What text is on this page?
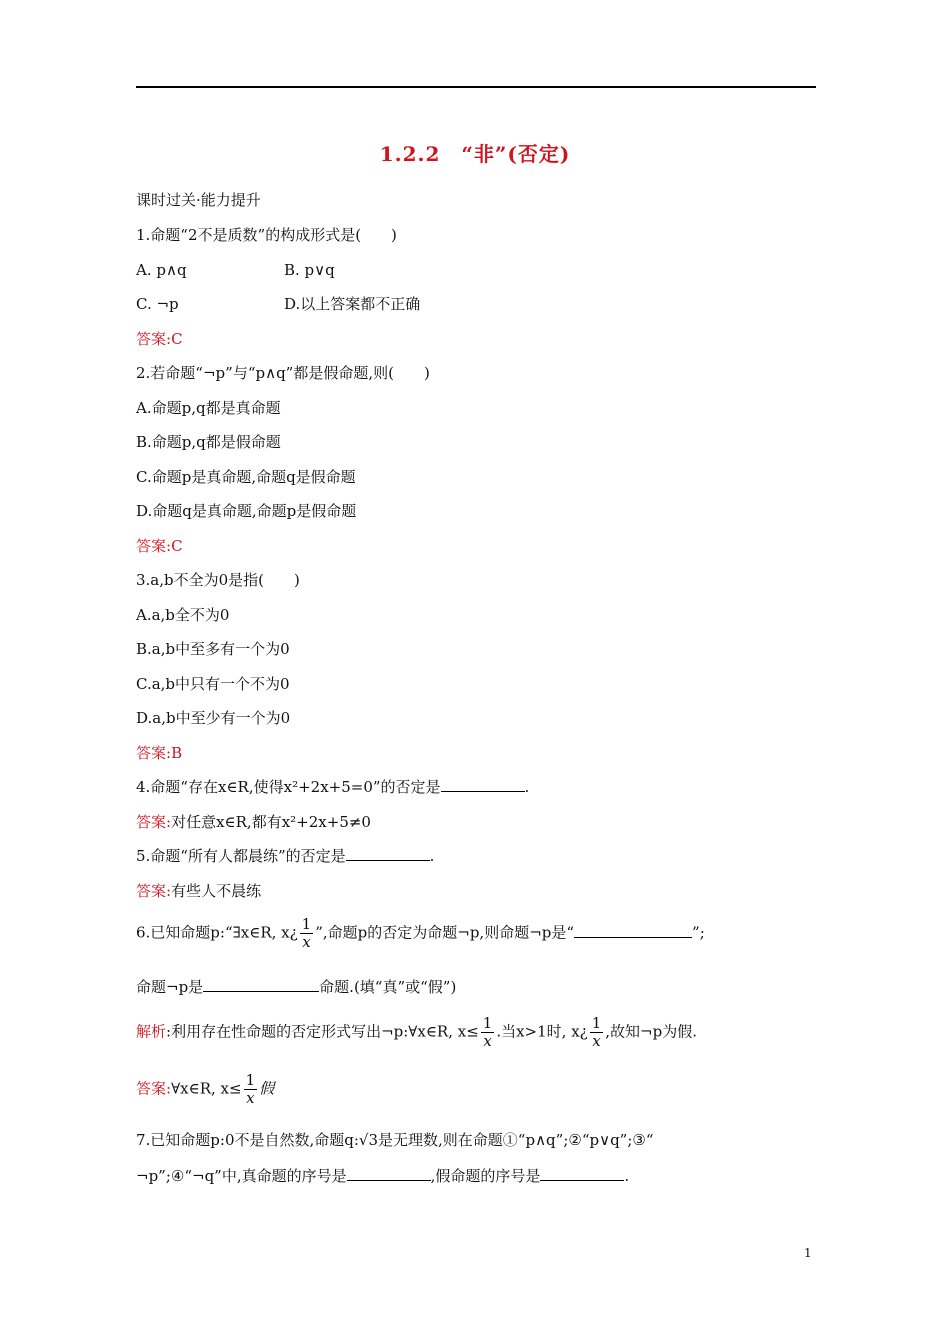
1.2.2　“非”(否定)
课时过关·能力提升
1.命题“2不是质数”的构成形式是(　　)
A. p∧q	B. p∨q
C. ¬p	D.以上答案都不正确
答案:C
2.若命题“¬p”与“p∧q”都是假命题,则(　　)
A.命题p,q都是真命题
B.命题p,q都是假命题
C.命题p是真命题,命题q是假命题
D.命题q是真命题,命题p是假命题
答案:C
3.a,b不全为0是指(　　)
A.a,b全不为0
B.a,b中至多有一个为0
C.a,b中只有一个不为0
D.a,b中至少有一个为0
答案:B
4.命题“存在x∈R,使得x²+2x+5=0”的否定是	.
答案:对任意x∈R,都有x²+2x+5≠0
5.命题“所有人都晨练”的否定是	.
答案:有些人不晨练
6.已知命题p:“∃x∈R, x¿ $\frac{1}{x}$ ”,命题p的否定为命题¬p,则命题¬p是“	”;
命题¬p是	命题.(填“真”或“假”)
解析:利用存在性命题的否定形式写出¬p:∀x∈R, $x\le \frac{1}{x}$ .当x>1时, x¿ $\frac{1}{x}$ ,故知¬p为假.
答案:∀x∈R, $x\le \frac{1}{x}$ 假
7.已知命题p:0不是自然数,命题q:√3是无理数,则在命题①“p∧q”;②“p∨q”;③“
¬p”;④“¬q”中,真命题的序号是	,假命题的序号是	.
1
